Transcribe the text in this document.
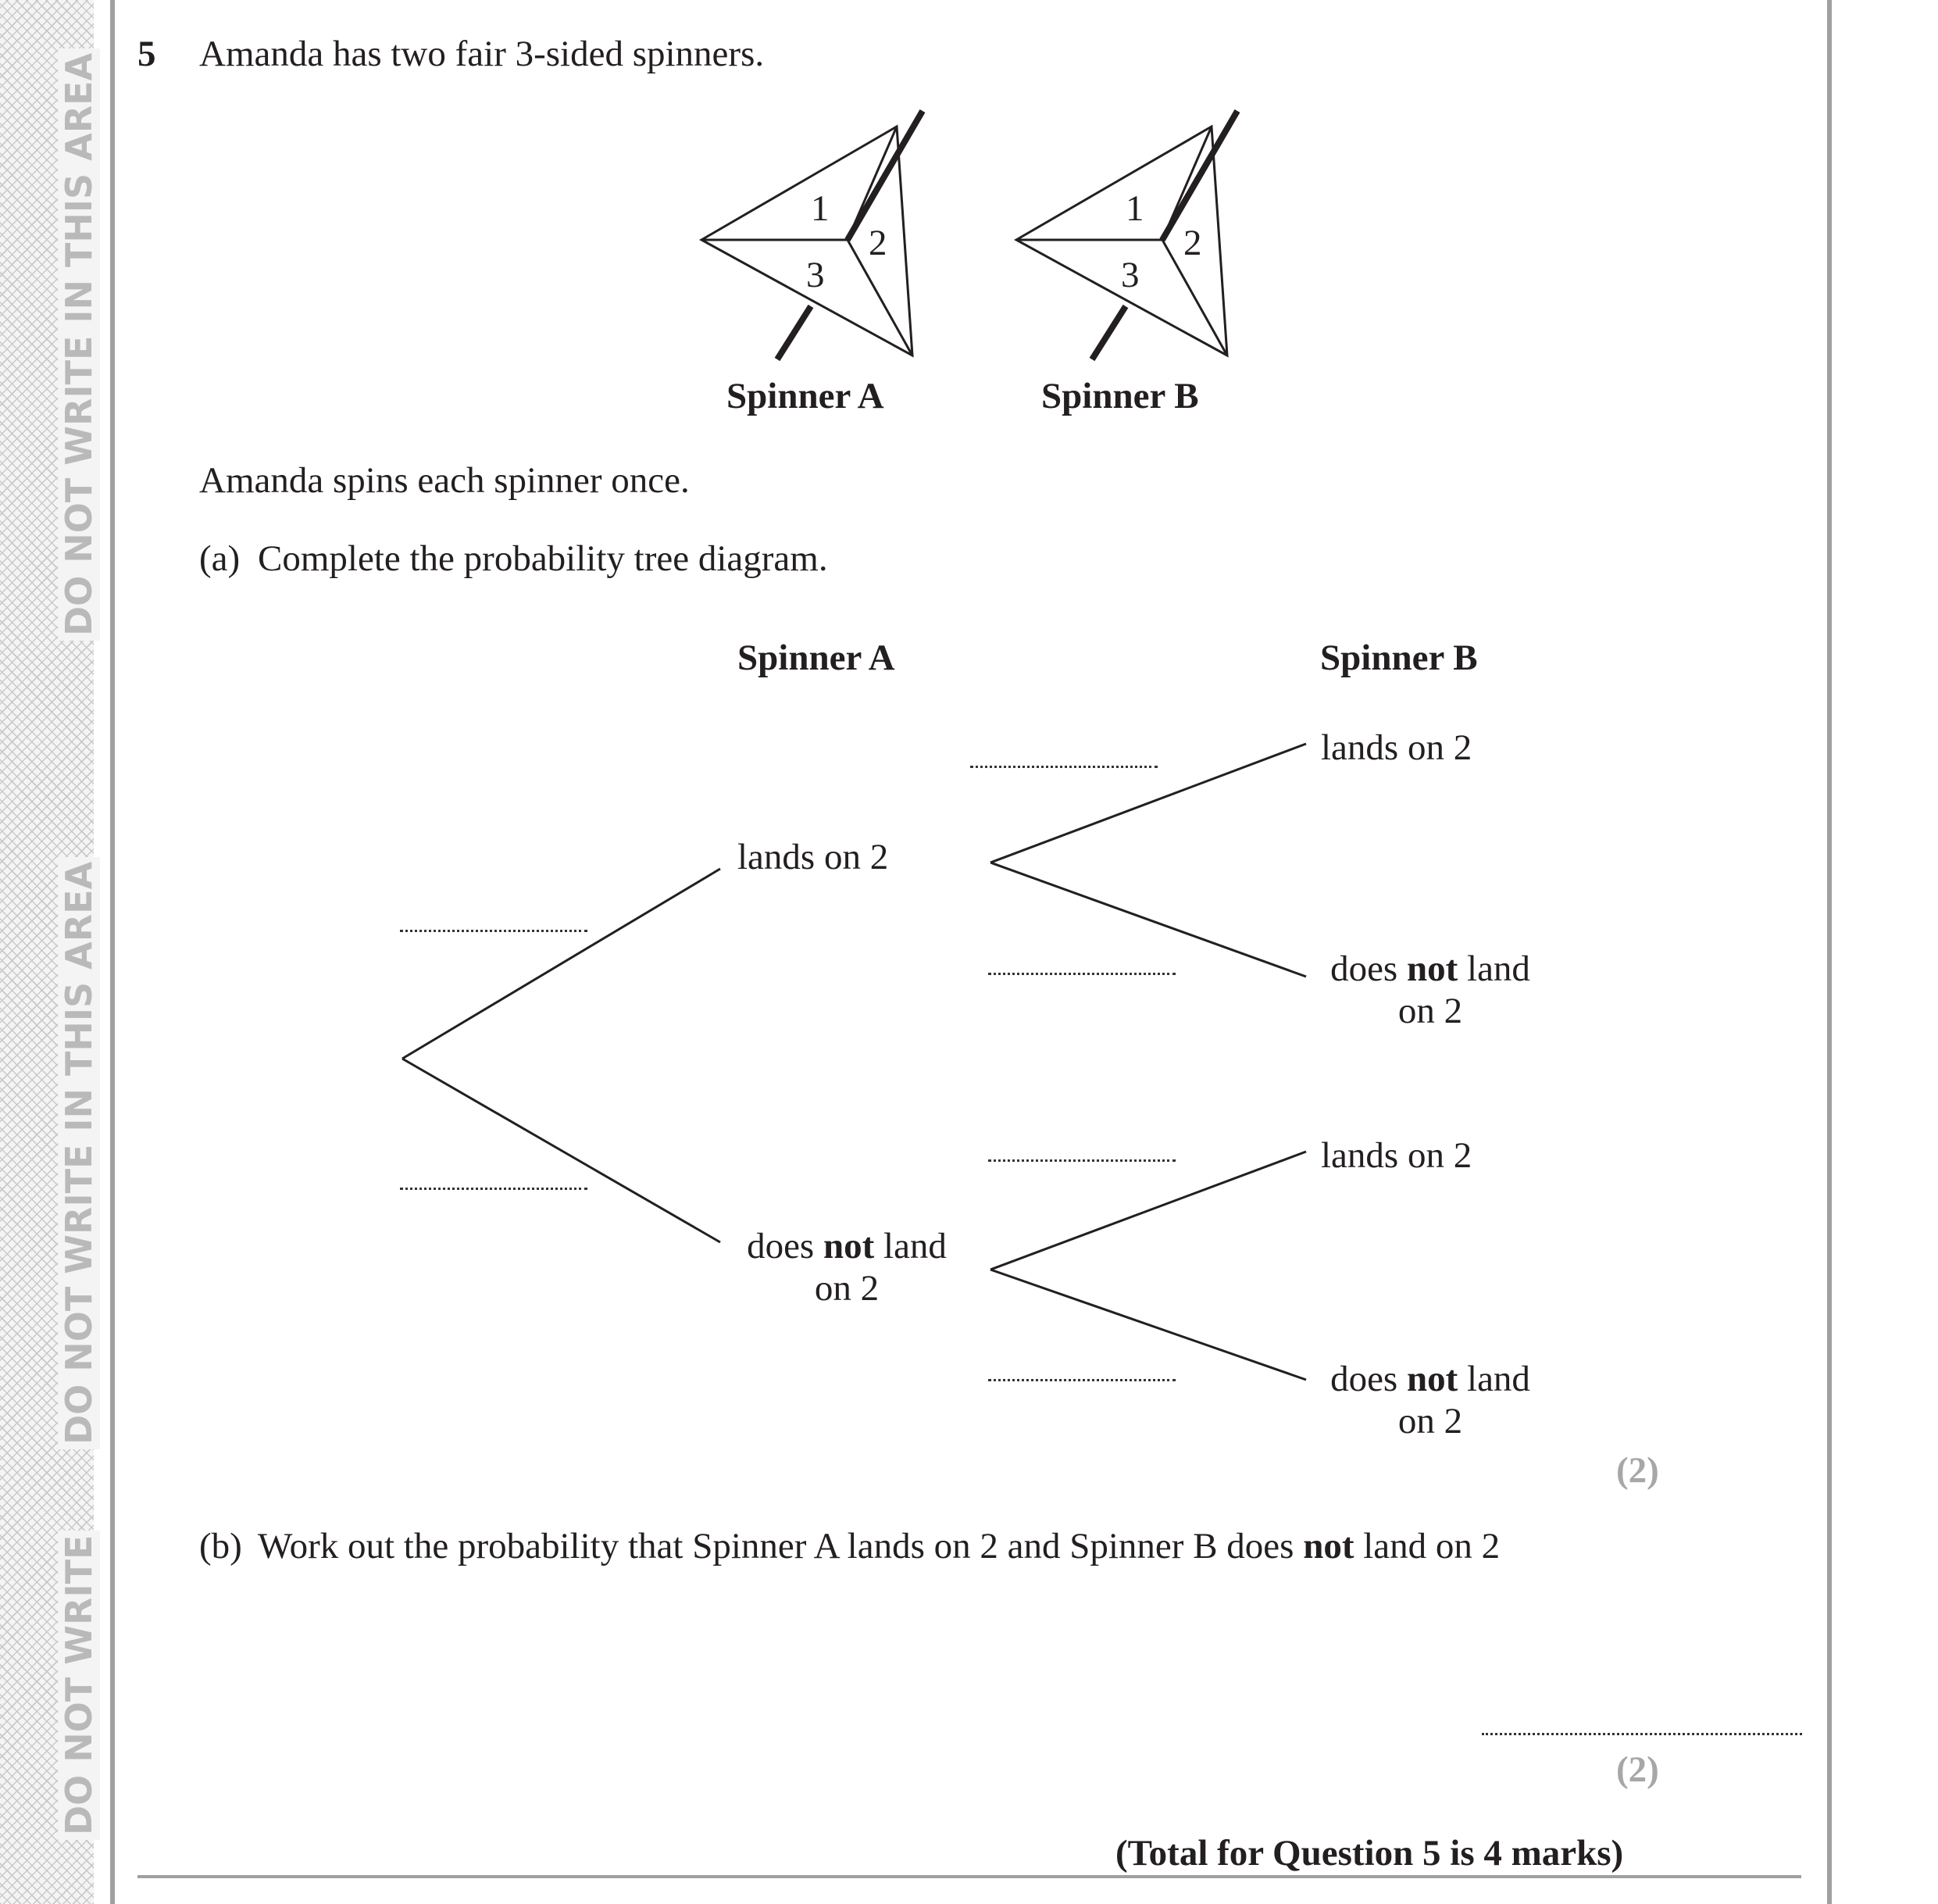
DO NOT WRITE IN THIS AREA
DO NOT WRITE IN THIS AREA
DO NOT WRITE
5 Amanda has two fair 3-sided spinners.
1
2
3
1
2
3
Spinner A	Spinner B
Amanda spins each spinner once.
(a) Complete the probability tree diagram.
Spinner A	Spinner B
lands on 2
does not land
on 2
lands on 2
does not land
on 2
lands on 2
does not land
on 2
(2)
(b) Work out the probability that Spinner A lands on 2 and Spinner B does not land on 2
(2)
(Total for Question 5 is 4 marks)
